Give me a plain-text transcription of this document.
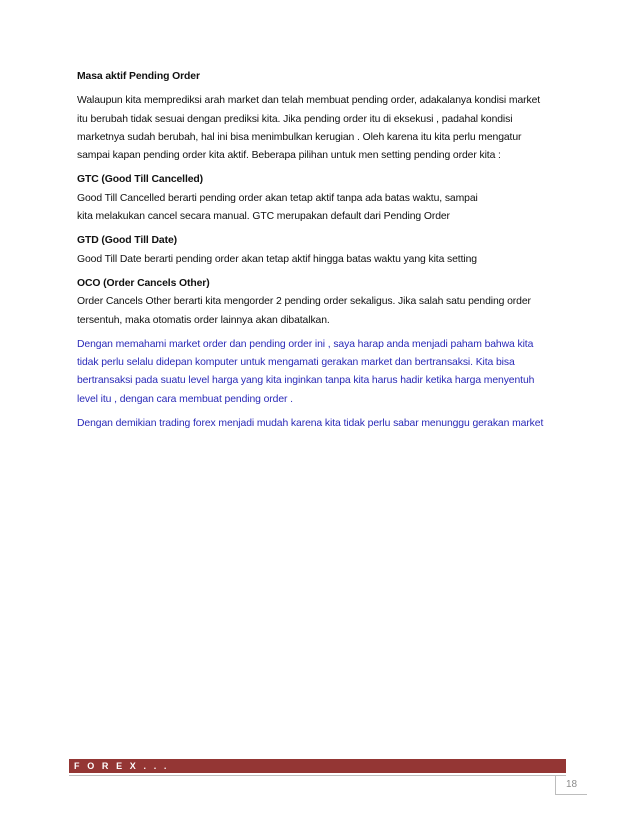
Masa aktif Pending Order
Walaupun kita memprediksi arah market dan telah membuat pending order, adakalanya kondisi market
itu berubah tidak sesuai dengan prediksi kita. Jika pending order itu di eksekusi , padahal kondisi
marketnya sudah berubah, hal ini bisa menimbulkan kerugian . Oleh karena itu kita perlu mengatur
sampai kapan pending order kita aktif. Beberapa pilihan untuk men setting pending order kita :
GTC (Good Till Cancelled)
Good Till Cancelled berarti pending order akan tetap aktif tanpa ada batas waktu, sampai
kita melakukan cancel secara manual. GTC merupakan default dari Pending Order
GTD (Good Till Date)
Good Till Date berarti pending order akan tetap aktif hingga batas waktu yang kita setting
OCO (Order Cancels Other)
Order Cancels Other berarti kita mengorder 2 pending order sekaligus. Jika salah satu pending order
tersentuh, maka otomatis order lainnya akan dibatalkan.
Dengan memahami market order dan pending order ini , saya harap anda menjadi paham bahwa kita
tidak perlu selalu didepan komputer untuk mengamati gerakan market dan bertransaksi. Kita bisa
bertransaksi pada suatu level harga yang kita inginkan tanpa kita harus hadir ketika harga menyentuh
level itu , dengan cara membuat pending order .
Dengan demikian trading forex menjadi mudah karena kita tidak perlu sabar menunggu gerakan market
F O R E X . . .
18
